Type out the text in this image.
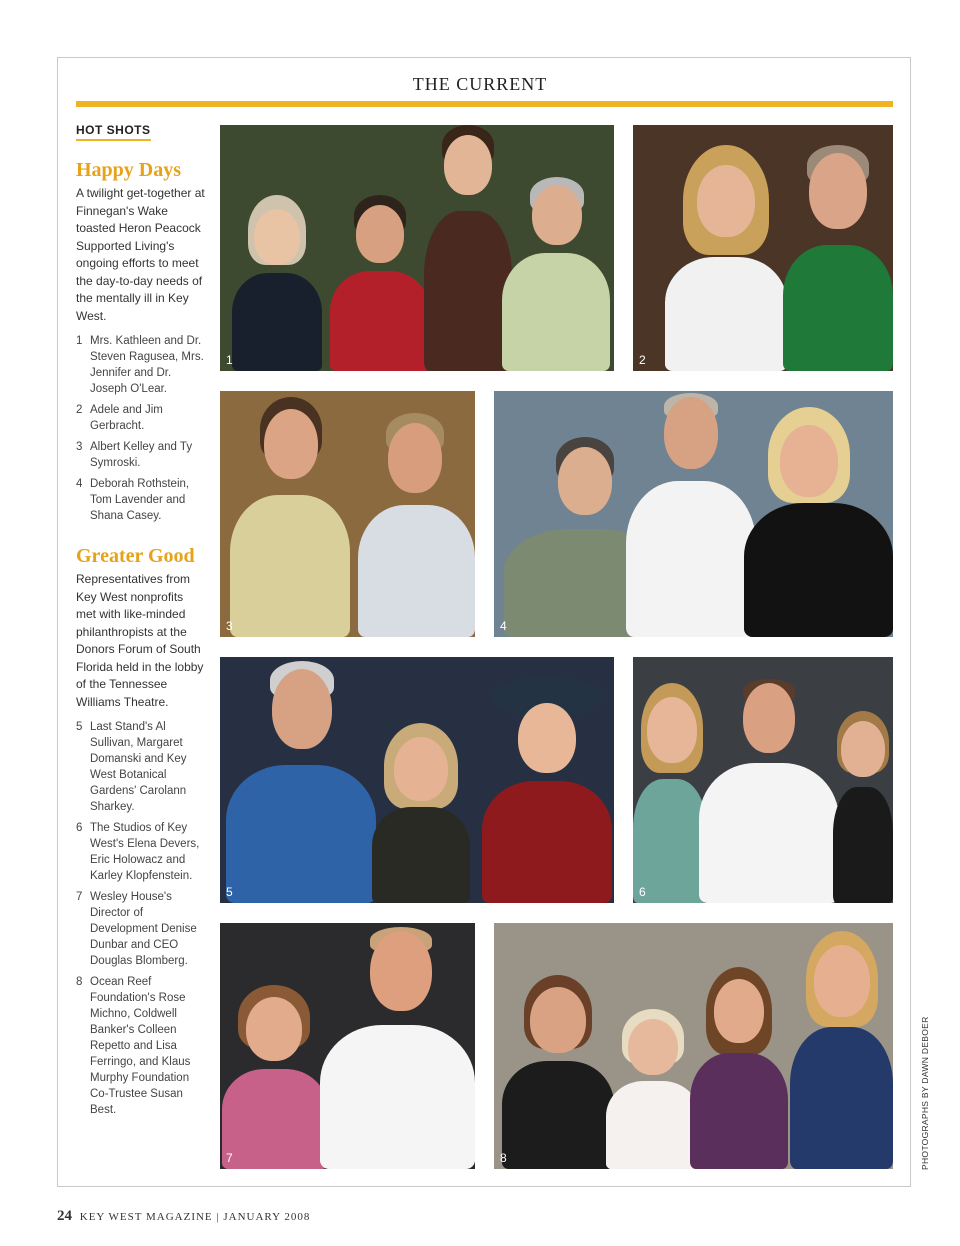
THE CURRENT
HOT SHOTS
Happy Days

A twilight get-together at Finnegan's Wake toasted Heron Peacock Supported Living's ongoing efforts to meet the day-to-day needs of the mentally ill in Key West.

1 Mrs. Kathleen and Dr. Steven Ragusea, Mrs. Jennifer and Dr. Joseph O'Lear.
2 Adele and Jim Gerbracht.
3 Albert Kelley and Ty Symroski.
4 Deborah Rothstein, Tom Lavender and Shana Casey.
Greater Good

Representatives from Key West nonprofits met with like-minded philanthropists at the Donors Forum of South Florida held in the lobby of the Tennessee Williams Theatre.

5 Last Stand's Al Sullivan, Margaret Domanski and Key West Botanical Gardens' Carolann Sharkey.
6 The Studios of Key West's Elena Devers, Eric Holowacz and Karley Klopfenstein.
7 Wesley House's Director of Development Denise Dunbar and CEO Douglas Blomberg.
8 Ocean Reef Foundation's Rose Michno, Coldwell Banker's Colleen Repetto and Lisa Ferringo, and Klaus Murphy Foundation Co-Trustee Susan Best.
1	2
3	4
5	6
7	8	PHOTOGRAPHS BY DAWN DEBOER
24 KEY WEST MAGAZINE | JANUARY 2008
